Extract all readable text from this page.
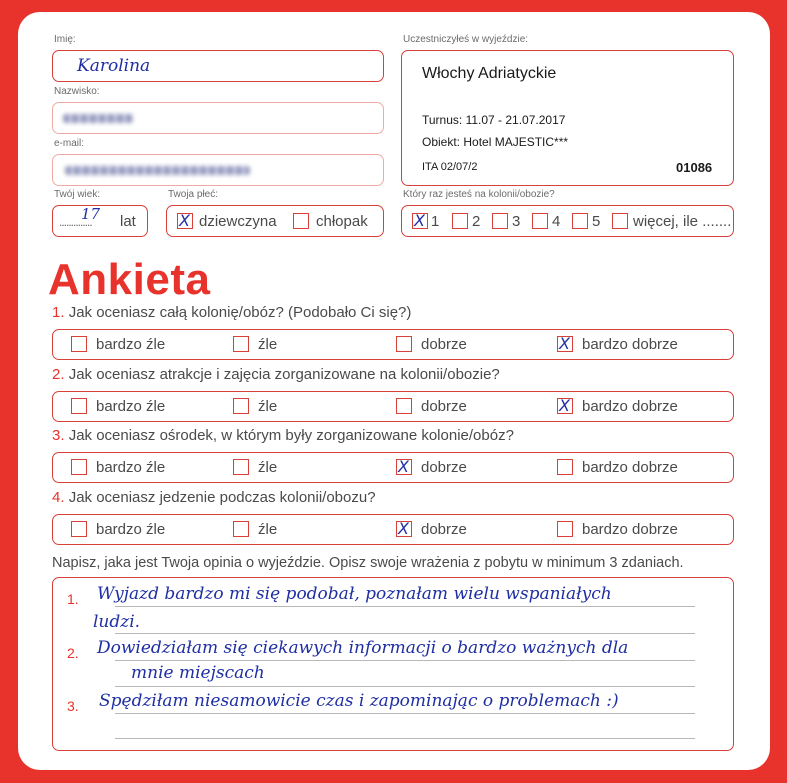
Imię:
Karolina
Nazwisko:
e-mail:
Twój wiek:
17
.............. lat
Twoja płeć:
X dziewczyna	chłopak
Uczestniczyłeś w wyjeździe:
Włochy Adriatyckie
Turnus: 11.07 - 21.07.2017
Obiekt: Hotel MAJESTIC***
ITA 02/07/2	01086
Który raz jesteś na kolonii/obozie?
X 1 2 3 4 5 więcej, ile .......
Ankieta
1. Jak oceniasz całą kolonię/obóz? (Podobało Ci się?)
bardzo źle	źle	dobrze	X bardzo dobrze
2. Jak oceniasz atrakcje i zajęcia zorganizowane na kolonii/obozie?
bardzo źle	źle	dobrze	X bardzo dobrze
3. Jak oceniasz ośrodek, w którym były zorganizowane kolonie/obóz?
bardzo źle	źle	X dobrze	bardzo dobrze
4. Jak oceniasz jedzenie podczas kolonii/obozu?
bardzo źle	źle	X dobrze	bardzo dobrze
Napisz, jaka jest Twoja opinia o wyjeździe. Opisz swoje wrażenia z pobytu w minimum 3 zdaniach.
1. Wyjazd bardzo mi się podobał, poznałam wielu wspaniałych
ludzi.
2. Dowiedziałam się ciekawych informacji o bardzo ważnych dla
mnie miejscach
3. Spędziłam niesamowicie czas i zapominając o problemach :)
